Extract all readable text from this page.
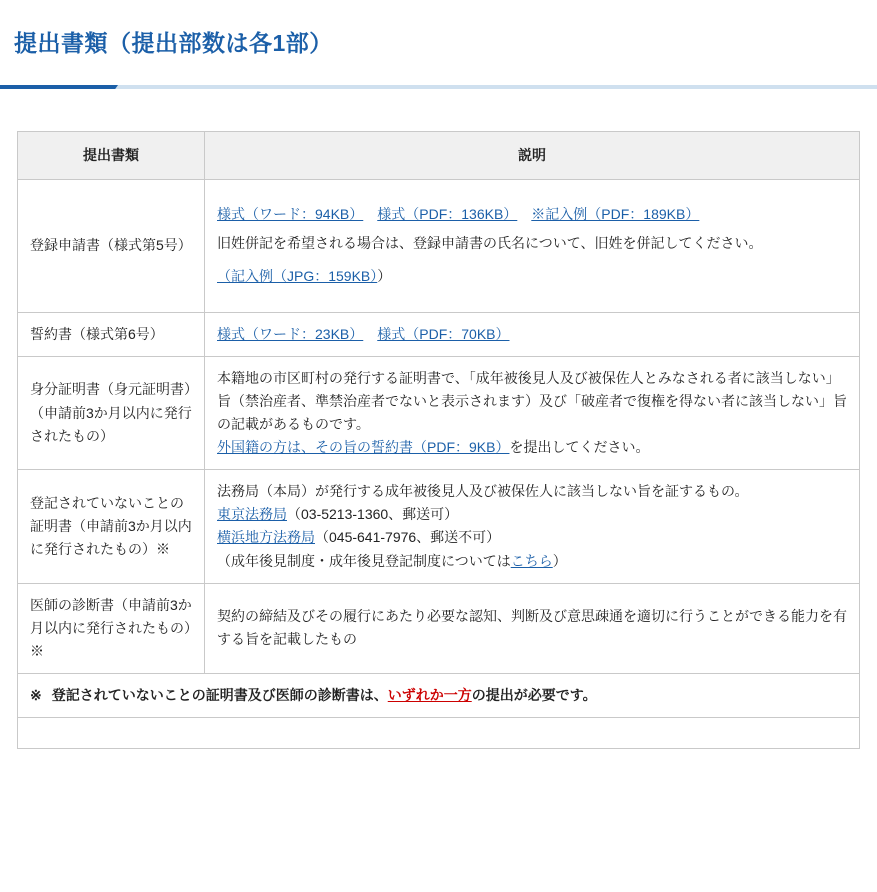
提出書類（提出部数は各1部）
提出書類	説明
登録申請書（様式第5号）	様式（ワード：94KB） 様式（PDF：136KB） ※記入例（PDF：189KB）

旧姓併記を希望される場合は、登録申請書の氏名について、旧姓を併記してください。

（記入例（JPG：159KB））

誓約書（様式第6号）	様式（ワード：23KB） 様式（PDF：70KB）

身分証明書（身元証明書）（申請前3か月以内に発行されたもの）	本籍地の市区町村の発行する証明書で、「成年被後見人及び被保佐人とみなされる者に該当しない」旨（禁治産者、準禁治産者でないと表示されます）及び「破産者で復権を得ない者に該当しない」旨の記載があるものです。

外国籍の方は、その旨の誓約書（PDF：9KB）を提出してください。

登記されていないことの証明書（申請前3か月以内に発行されたもの）※	法務局（本局）が発行する成年被後見人及び被保佐人に該当しない旨を証するもの。

東京法務局（03-5213-1360、郵送可）

横浜地方法務局（045-641-7976、郵送不可）

（成年後見制度・成年後見登記制度についてはこちら）

医師の診断書（申請前3か月以内に発行されたもの）※	契約の締結及びその履行にあたり必要な認知、判断及び意思疎通を適切に行うことができる能力を有する旨を記載したもの

※ 登記されていないことの証明書及び医師の診断書は、いずれか一方の提出が必要です。	
